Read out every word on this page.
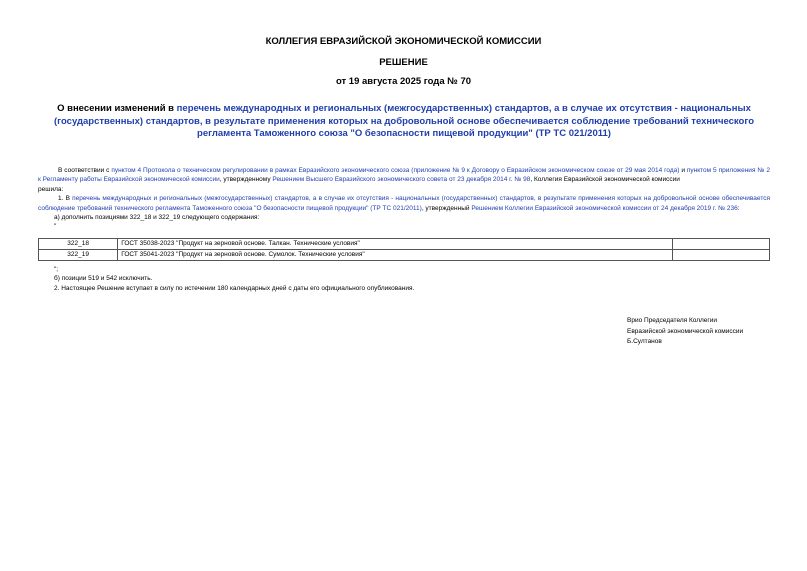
КОЛЛЕГИЯ ЕВРАЗИЙСКОЙ ЭКОНОМИЧЕСКОЙ КОМИССИИ
РЕШЕНИЕ
от 19 августа 2025 года № 70
О внесении изменений в перечень международных и региональных (межгосударственных) стандартов, а в случае их отсутствия - национальных (государственных) стандартов, в результате применения которых на добровольной основе обеспечивается соблюдение требований технического регламента Таможенного союза "О безопасности пищевой продукции" (ТР ТС 021/2011)

В соответствии с пунктом 4 Протокола о техническом регулировании в рамках Евразийского экономического союза (приложение № 9 к Договору о Евразийском экономическом союзе от 29 мая 2014 года) и пунктом 5 приложения № 2 к Регламенту работы Евразийской экономической комиссии, утвержденному Решением Высшего Евразийского экономического совета от 23 декабря 2014 г. № 98, Коллегия Евразийской экономической комиссии

решила:

1. В перечень международных и региональных (межгосударственных) стандартов, а в случае их отсутствия - национальных (государственных) стандартов, в результате применения которых на добровольной основе обеспечивается соблюдение требований технического регламента Таможенного союза "О безопасности пищевой продукции" (ТР ТС 021/2011), утвержденный Решением Коллегии Евразийской экономической комиссии от 24 декабря 2019 г. № 236:

а) дополнить позициями 322_18 и 322_19 следующего содержания:

"

322_18	ГОСТ 35038-2023 "Продукт на зерновой основе. Талкан. Технические условия"	
322_19	ГОСТ 35041-2023 "Продукт на зерновой основе. Сумолок. Технические условия"	

";

б) позиции 519 и 542 исключить.

2. Настоящее Решение вступает в силу по истечении 180 календарных дней с даты его официального опубликования.

Врио Председателя Коллегии
Евразийской экономической комиссии
Б.Султанов
